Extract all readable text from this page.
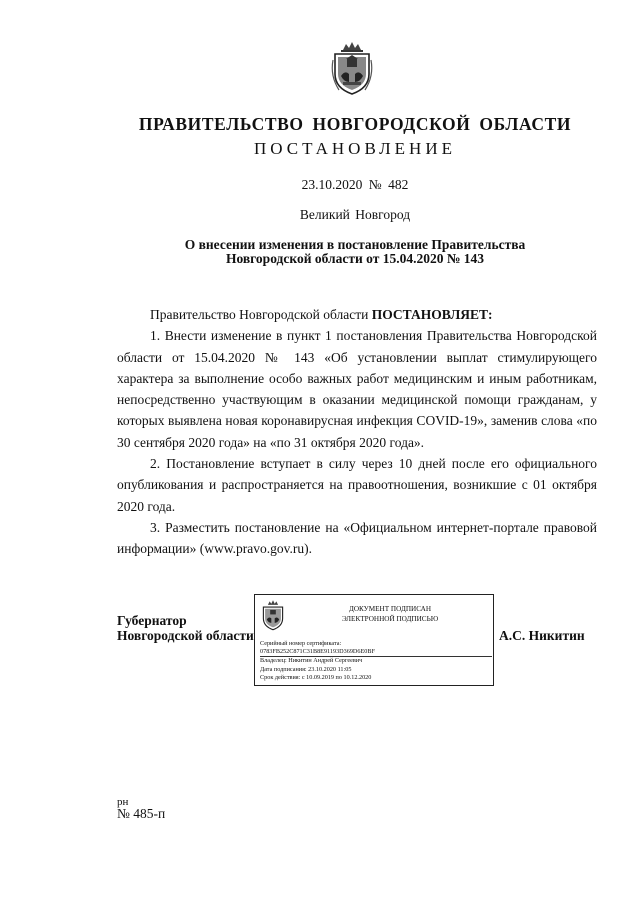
ПРАВИТЕЛЬСТВО НОВГОРОДСКОЙ ОБЛАСТИ
ПОСТАНОВЛЕНИЕ
23.10.2020 № 482
Великий Новгород
О внесении изменения в постановление Правительства
Новгородской области от 15.04.2020 № 143

Правительство Новгородской области ПОСТАНОВЛЯЕТ:

1. Внести изменение в пункт 1 постановления Правительства Новгородской области от 15.04.2020 № 143 «Об установлении выплат стимулирующего характера за выполнение особо важных работ медицинским и иным работникам, непосредственно участвующим в оказании медицинской помощи гражданам, у которых выявлена новая коронавирусная инфекция COVID-19», заменив слова «по 30 сентября 2020 года» на «по 31 октября 2020 года».

2. Постановление вступает в силу через 10 дней после его официального опубликования и распространяется на правоотношения, возникшие с 01 октября 2020 года.

3. Разместить постановление на «Официальном интернет-портале правовой информации» (www.pravo.gov.ru).

Губернатор
Новгородской области
ДОКУМЕНТ ПОДПИСАН
ЭЛЕКТРОННОЙ ПОДПИСЬЮ
Серийный номер сертификата:
0783FB252C871C31B8E91193D369D6E0BF
Владелец: Никитин Андрей Сергеевич
Дата подписания: 23.10.2020 11:05
Срок действия: с 10.09.2019 по 10.12.2020
А.С. Никитин
рн
№ 485-п
